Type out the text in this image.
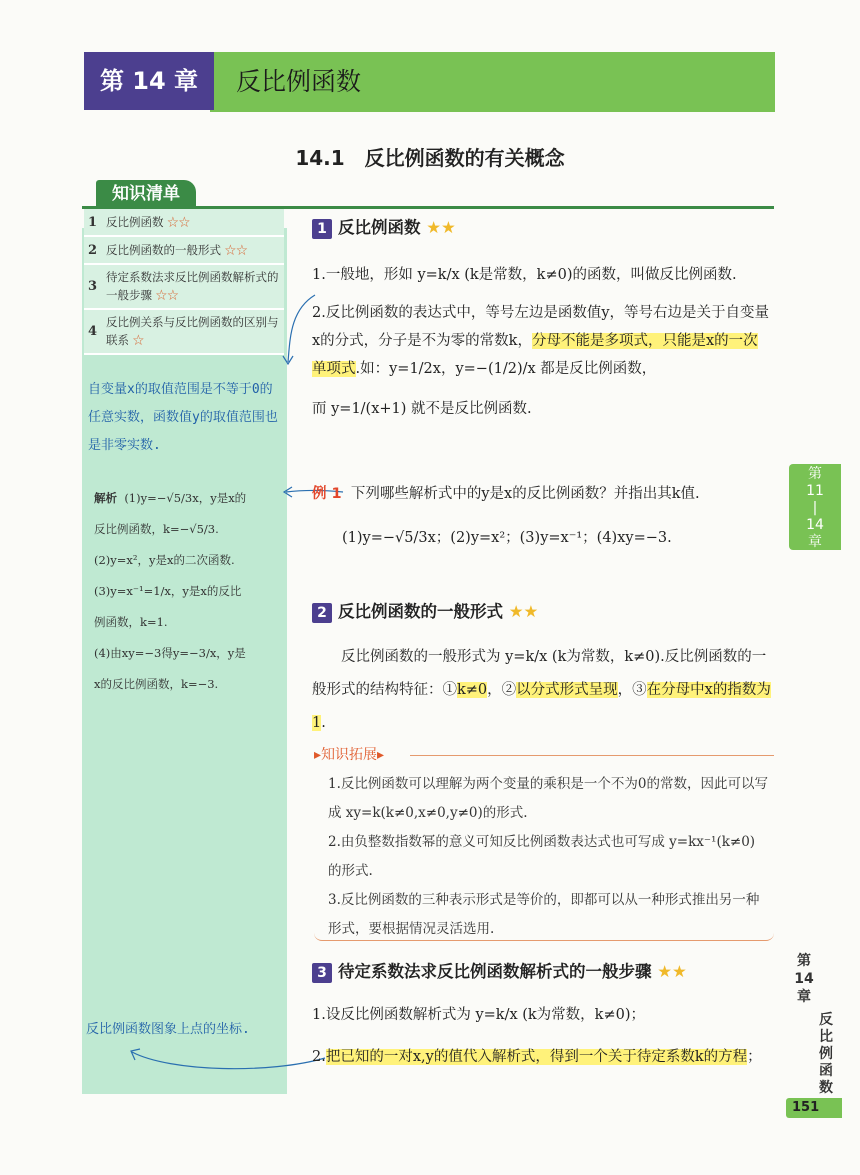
第 14 章	反比例函数
14.1　反比例函数的有关概念
知识清单
1 反比例函数 ☆☆
2 反比例函数的一般形式 ☆☆
3
待定系数法求反比例函数解析式的一般步骤 ☆☆
4
反比例关系与反比例函数的区别与联系 ☆
自变量x的取值范围是不等于0的任意实数，函数值y的取值范围也是非零实数.
解析 (1)y=−√5/3x，y是x的
反比例函数，k=−√5/3.
(2)y=x²，y是x的二次函数.
(3)y=x⁻¹=1/x，y是x的反比
例函数，k=1.
(4)由xy=−3得y=−3/x，y是
x的反比例函数，k=−3.
反比例函数图象上点的坐标.
1 反比例函数 ★★
1.一般地，形如 y=k/x (k是常数，k≠0)的函数，叫做反比例函数.
2.反比例函数的表达式中，等号左边是函数值y，等号右边是关于自变量x的分式，分子是不为零的常数k，分母不能是多项式，只能是x的一次单项式.如：y=1/2x，y=−(1/2)/x 都是反比例函数，
而 y=1/(x+1) 就不是反比例函数.
例 1 下列哪些解析式中的y是x的反比例函数？并指出其k值.
(1)y=−√5/3x；(2)y=x²；(3)y=x⁻¹；(4)xy=−3.
2 反比例函数的一般形式 ★★
反比例函数的一般形式为 y=k/x (k为常数，k≠0).反比例函数的一般形式的结构特征：①k≠0，②以分式形式呈现，③在分母中x的指数为1.
▸知识拓展▸
1.反比例函数可以理解为两个变量的乘积是一个不为0的常数，因此可以写成 xy=k(k≠0,x≠0,y≠0)的形式.
2.由负整数指数幂的意义可知反比例函数表达式也可写成 y=kx⁻¹(k≠0)的形式.
3.反比例函数的三种表示形式是等价的，即都可以从一种形式推出另一种形式，要根据情况灵活选用.
3 待定系数法求反比例函数解析式的一般步骤 ★★
1.设反比例函数解析式为 y=k/x (k为常数，k≠0)；
2.把已知的一对x,y的值代入解析式，得到一个关于待定系数k的方程；
第
11
|
14
章
第
14
章
反
比
例
函
数
151
